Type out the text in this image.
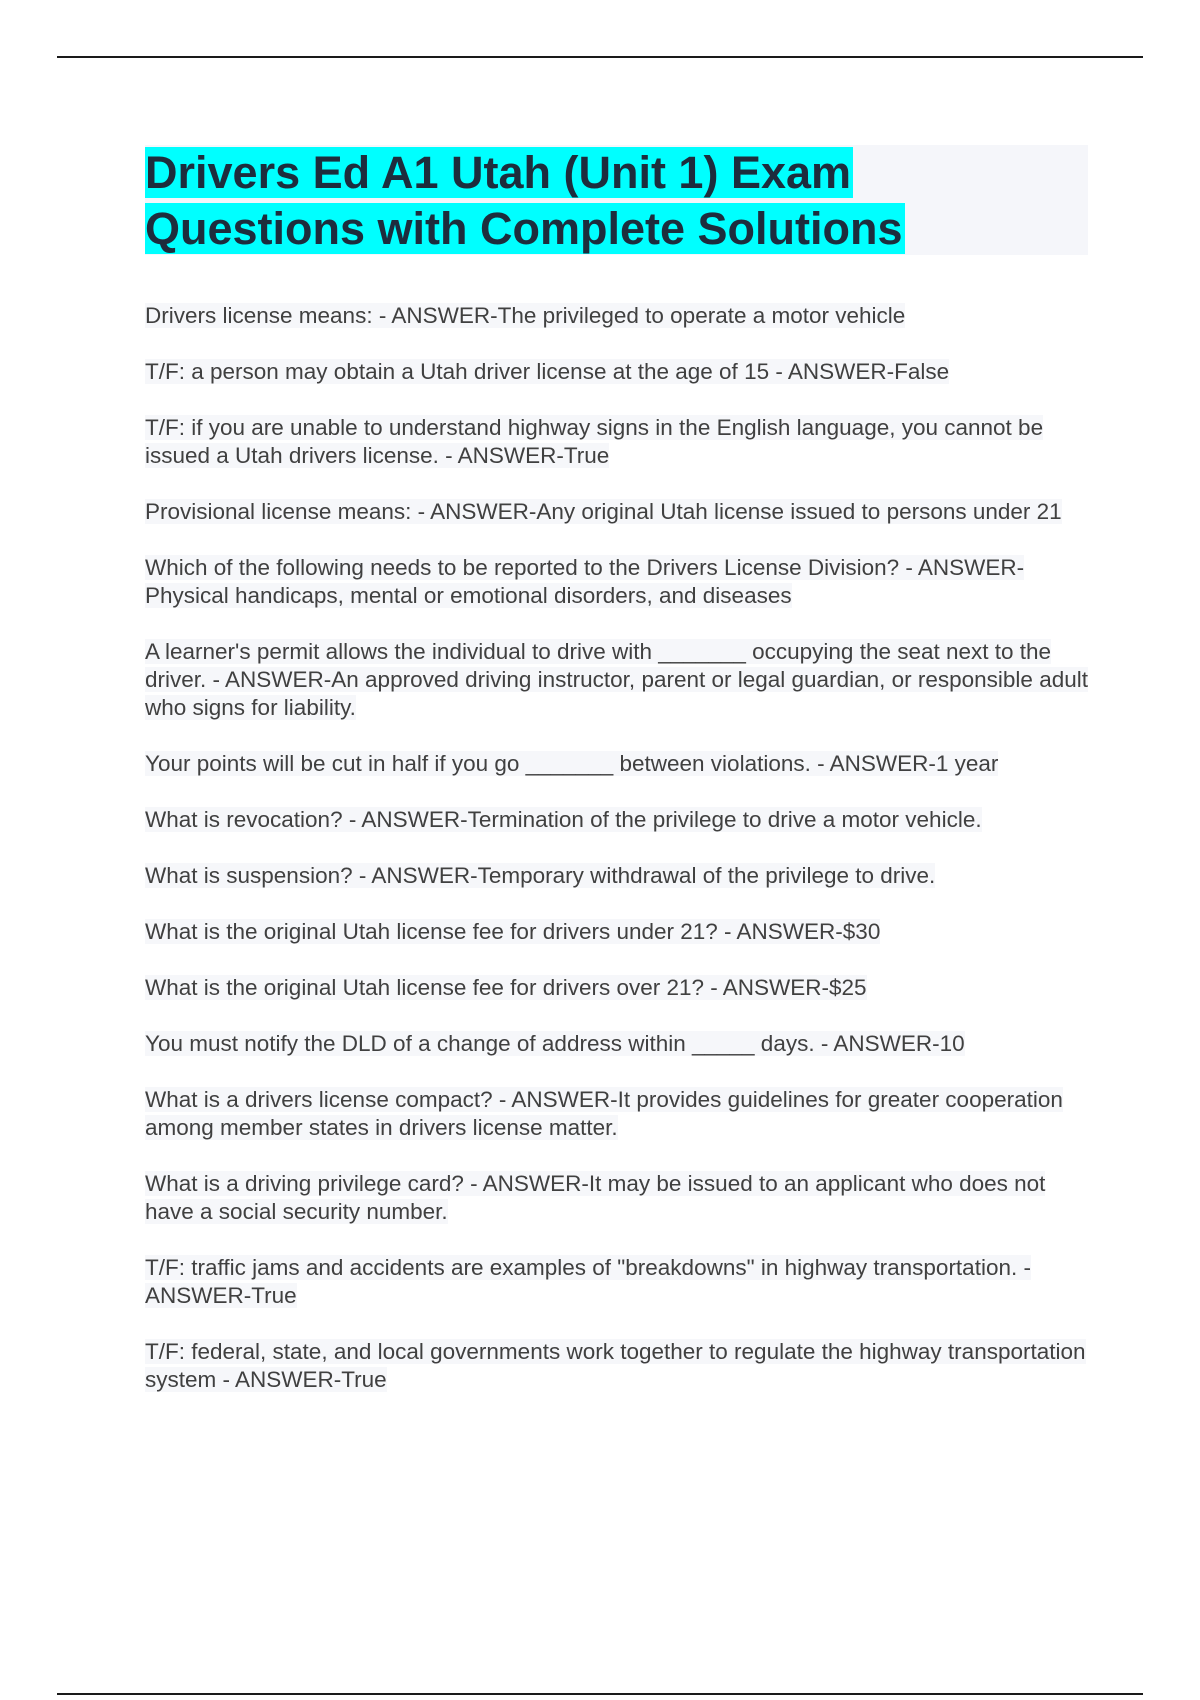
Drivers Ed A1 Utah (Unit 1) Exam
Questions with Complete Solutions

Drivers license means: - ANSWER-The privileged to operate a motor vehicle

T/F: a person may obtain a Utah driver license at the age of 15 - ANSWER-False

T/F: if you are unable to understand highway signs in the English language, you cannot be issued a Utah drivers license. - ANSWER-True

Provisional license means: - ANSWER-Any original Utah license issued to persons under 21

Which of the following needs to be reported to the Drivers License Division? - ANSWER-Physical handicaps, mental or emotional disorders, and diseases

A learner's permit allows the individual to drive with _______ occupying the seat next to the driver. - ANSWER-An approved driving instructor, parent or legal guardian, or responsible adult who signs for liability.

Your points will be cut in half if you go _______ between violations. - ANSWER-1 year

What is revocation? - ANSWER-Termination of the privilege to drive a motor vehicle.

What is suspension? - ANSWER-Temporary withdrawal of the privilege to drive.

What is the original Utah license fee for drivers under 21? - ANSWER-$30

What is the original Utah license fee for drivers over 21? - ANSWER-$25

You must notify the DLD of a change of address within _____ days. - ANSWER-10

What is a drivers license compact? - ANSWER-It provides guidelines for greater cooperation among member states in drivers license matter.

What is a driving privilege card? - ANSWER-It may be issued to an applicant who does not have a social security number.

T/F: traffic jams and accidents are examples of "breakdowns" in highway transportation. - ANSWER-True

T/F: federal, state, and local governments work together to regulate the highway transportation system - ANSWER-True
